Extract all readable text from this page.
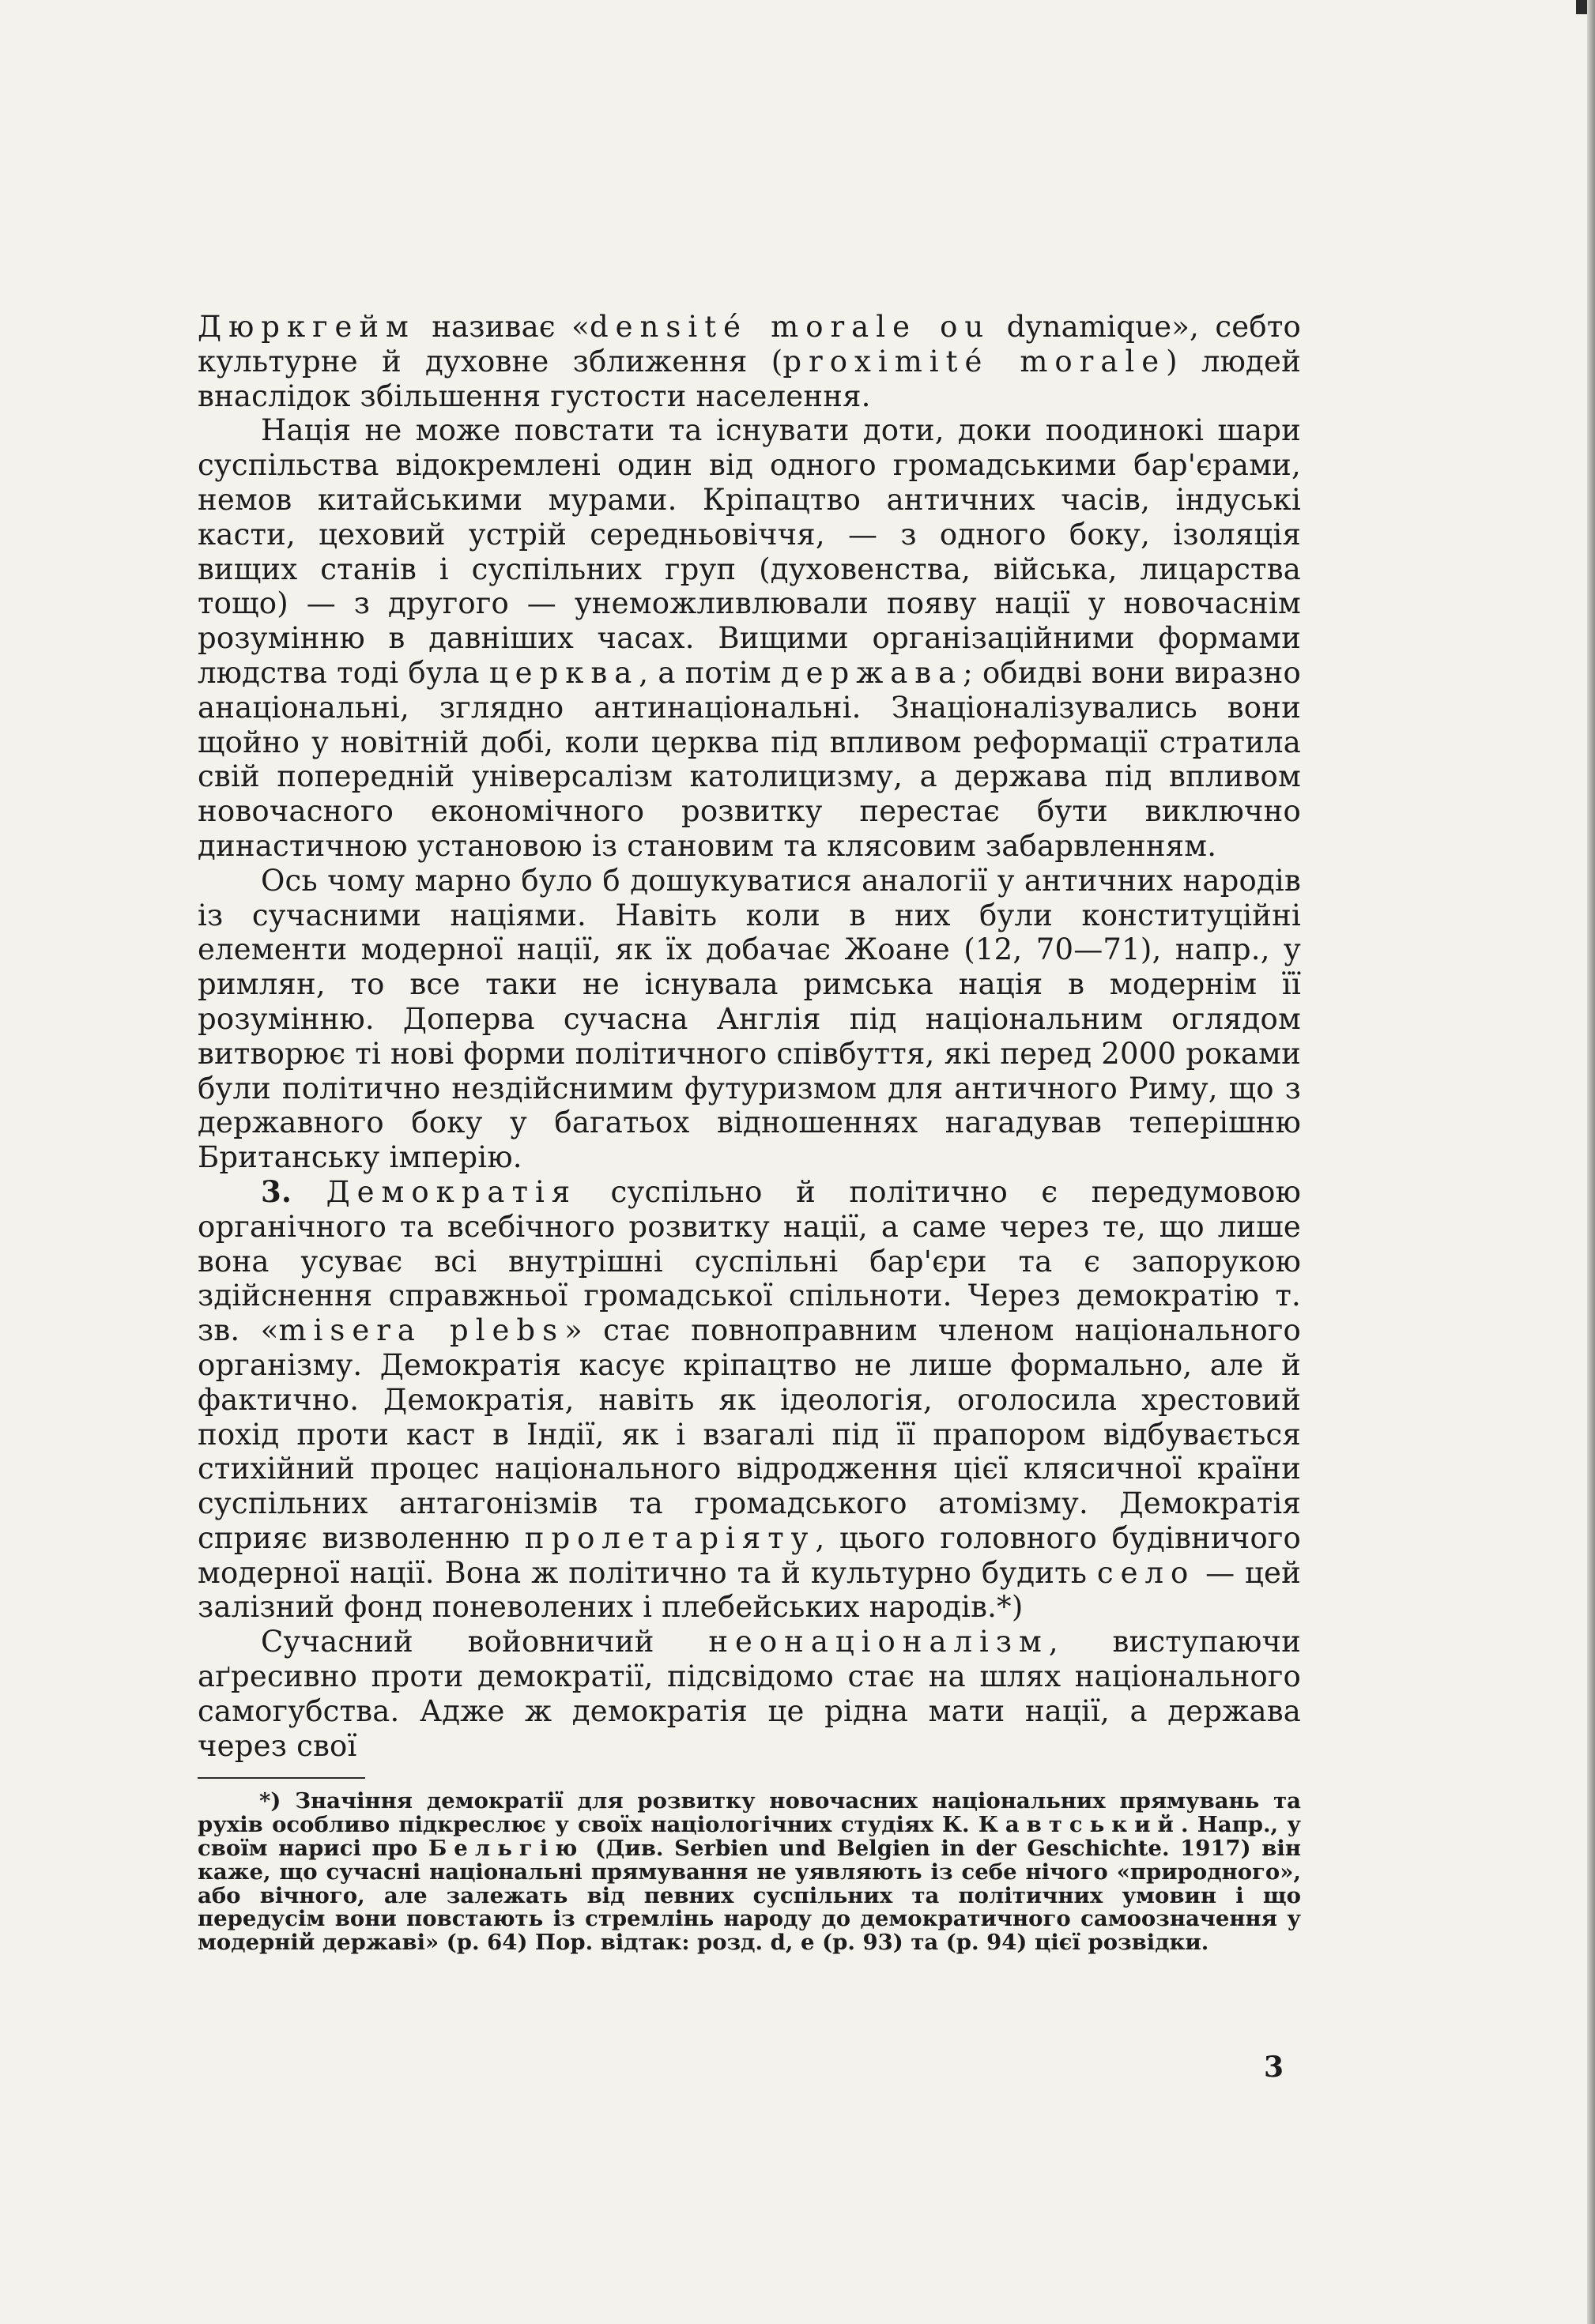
Дюркгейм називає «densité morale ou dynamique», себто культурне й духовне зближення (proximité morale) людей внаслідок збільшення густости населення.

Нація не може повстати та існувати доти, доки поодинокі шари суспільства відокремлені один від одного громадськими бар'єрами, немов китайськими мурами. Кріпацтво античних часів, індуські касти, цеховий устрій середньовіччя, — з одного боку, ізоляція вищих станів і суспільних груп (духовенства, війська, лицарства тощо) — з другого — унеможливлювали появу нації у новочаснім розумінню в давніших часах. Вищими організаційними формами людства тоді була церква, а потім держава; обидві вони виразно анаціональні, зглядно антинаціональні. Знаціоналізувались вони щойно у новітній добі, коли церква під впливом реформації стратила свій попередній універсалізм католицизму, а держава під впливом новочасного економічного розвитку перестає бути виключно династичною установою із становим та клясовим забарвленням.

Ось чому марно було б дошукуватися аналогії у античних народів із сучасними націями. Навіть коли в них були конституційні елементи модерної нації, як їх добачає Жоане (12, 70—71), напр., у римлян, то все таки не існувала римська нація в модернім її розумінню. Доперва сучасна Англія під національним оглядом витворює ті нові форми політичного співбуття, які перед 2000 роками були політично нездійснимим футуризмом для античного Риму, що з державного боку у багатьох відношеннях нагадував теперішню Британську імперію.

3. Демократія суспільно й політично є передумовою органічного та всебічного розвитку нації, а саме через те, що лише вона усуває всі внутрішні суспільні бар'єри та є запорукою здійснення справжньої громадської спільноти. Через демократію т. зв. «misera plebs» стає повноправним членом національного організму. Демократія касує кріпацтво не лише формально, але й фактично. Демократія, навіть як ідеологія, оголосила хрестовий похід проти каст в Індії, як і взагалі під її прапором відбувається стихійний процес національного відродження цієї клясичної країни суспільних антагонізмів та громадського атомізму. Демократія сприяє визволенню пролетаріяту, цього головного будівничого модерної нації. Вона ж політично та й культурно будить село — цей залізний фонд поневолених і плебейських народів.*)

Сучасний войовничий неонаціоналізм, виступаючи аґресивно проти демократії, підсвідомо стає на шлях національного самогубства. Адже ж демократія це рідна мати нації, а держава через свої

*) Значіння демократії для розвитку новочасних національних прямувань та рухів особливо підкреслює у своїх націологічних студіях К. Кавтський. Напр., у своїм нарисі про Бельгію (Див. Serbien und Belgien in der Geschichte. 1917) він каже, що сучасні національні прямування не уявляють із себе нічого «природного», або вічного, але залежать від певних суспільних та політичних умовин і що передусім вони повстають із стремлінь народу до демократичного самоозначення у модерній державі» (р. 64) Пор. відтак: розд. d, e (р. 93) та (р. 94) цієї розвідки.
3
